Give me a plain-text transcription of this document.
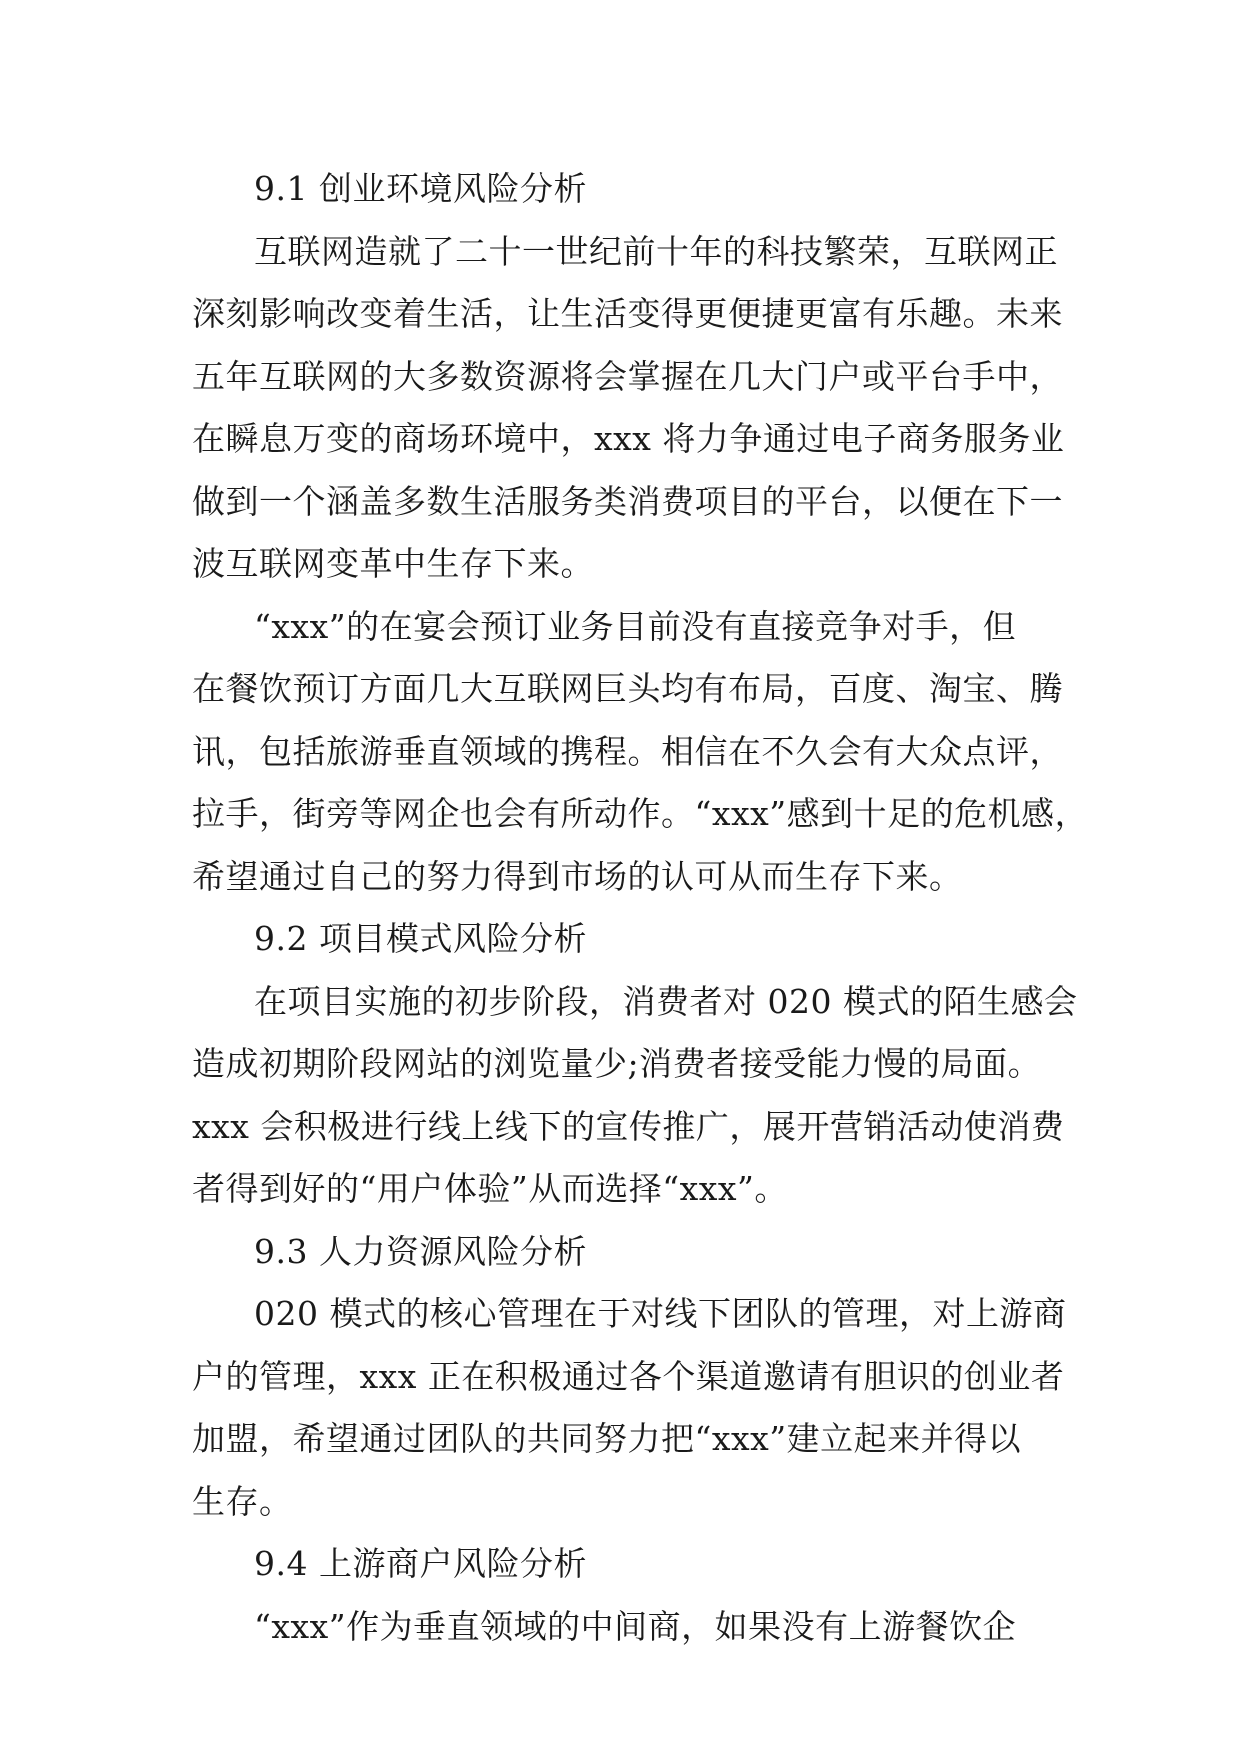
9.1 创业环境风险分析
互联网造就了二十一世纪前十年的科技繁荣，互联网正
深刻影响改变着生活，让生活变得更便捷更富有乐趣。未来
五年互联网的大多数资源将会掌握在几大门户或平台手中，
在瞬息万变的商场环境中，xxx 将力争通过电子商务服务业
做到一个涵盖多数生活服务类消费项目的平台，以便在下一
波互联网变革中生存下来。
“xxx”的在宴会预订业务目前没有直接竞争对手，但
在餐饮预订方面几大互联网巨头均有布局，百度、淘宝、腾
讯，包括旅游垂直领域的携程。相信在不久会有大众点评，
拉手，街旁等网企也会有所动作。“xxx”感到十足的危机感，
希望通过自己的努力得到市场的认可从而生存下来。
9.2 项目模式风险分析
在项目实施的初步阶段，消费者对 020 模式的陌生感会
造成初期阶段网站的浏览量少;消费者接受能力慢的局面。
xxx 会积极进行线上线下的宣传推广，展开营销活动使消费
者得到好的“用户体验”从而选择“xxx”。
9.3 人力资源风险分析
020 模式的核心管理在于对线下团队的管理，对上游商
户的管理，xxx 正在积极通过各个渠道邀请有胆识的创业者
加盟，希望通过团队的共同努力把“xxx”建立起来并得以
生存。
9.4 上游商户风险分析
“xxx”作为垂直领域的中间商，如果没有上游餐饮企
